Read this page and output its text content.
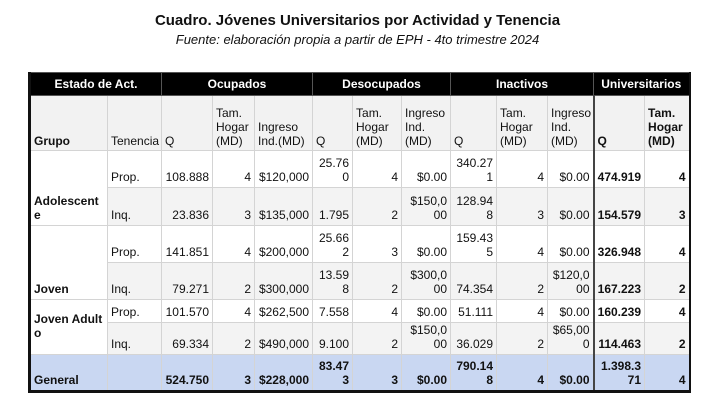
Cuadro. Jóvenes Universitarios por Actividad y Tenencia
Fuente: elaboración propia a partir de EPH - 4to trimestre 2024
Estado de Act.		Ocupados			Desocupados			Inactivos			Universitarios	
Grupo	Tenencia	Q	Tam. Hogar (MD)	Ingreso Ind.(MD)	Q	Tam. Hogar (MD)	Ingreso Ind.(MD)	Q	Tam. Hogar (MD)	Ingreso Ind.(MD)	Q	Tam. Hogar (MD)
Adolescente	Prop.	108.888	4	$120,000	25.760	4	$0.00	340.271	4	$0.00	474.919	4
	Inq.	23.836	3	$135,000	1.795	2	$150,000	128.948	3	$0.00	154.579	3
Joven	Prop.	141.851	4	$200,000	25.662	3	$0.00	159.435	4	$0.00	326.948	4
	Inq.	79.271	2	$300,000	13.598	2	$300,000	74.354	2	$120,000	167.223	2
Joven Adulto	Prop.	101.570	4	$262,500	7.558	4	$0.00	51.111	4	$0.00	160.239	4
	Inq.	69.334	2	$490,000	9.100	2	$150,000	36.029	2	$65,000	114.463	2
General		524.750	3	$228,000	83.473	3	$0.00	790.148	4	$0.00	1.398.371	4
